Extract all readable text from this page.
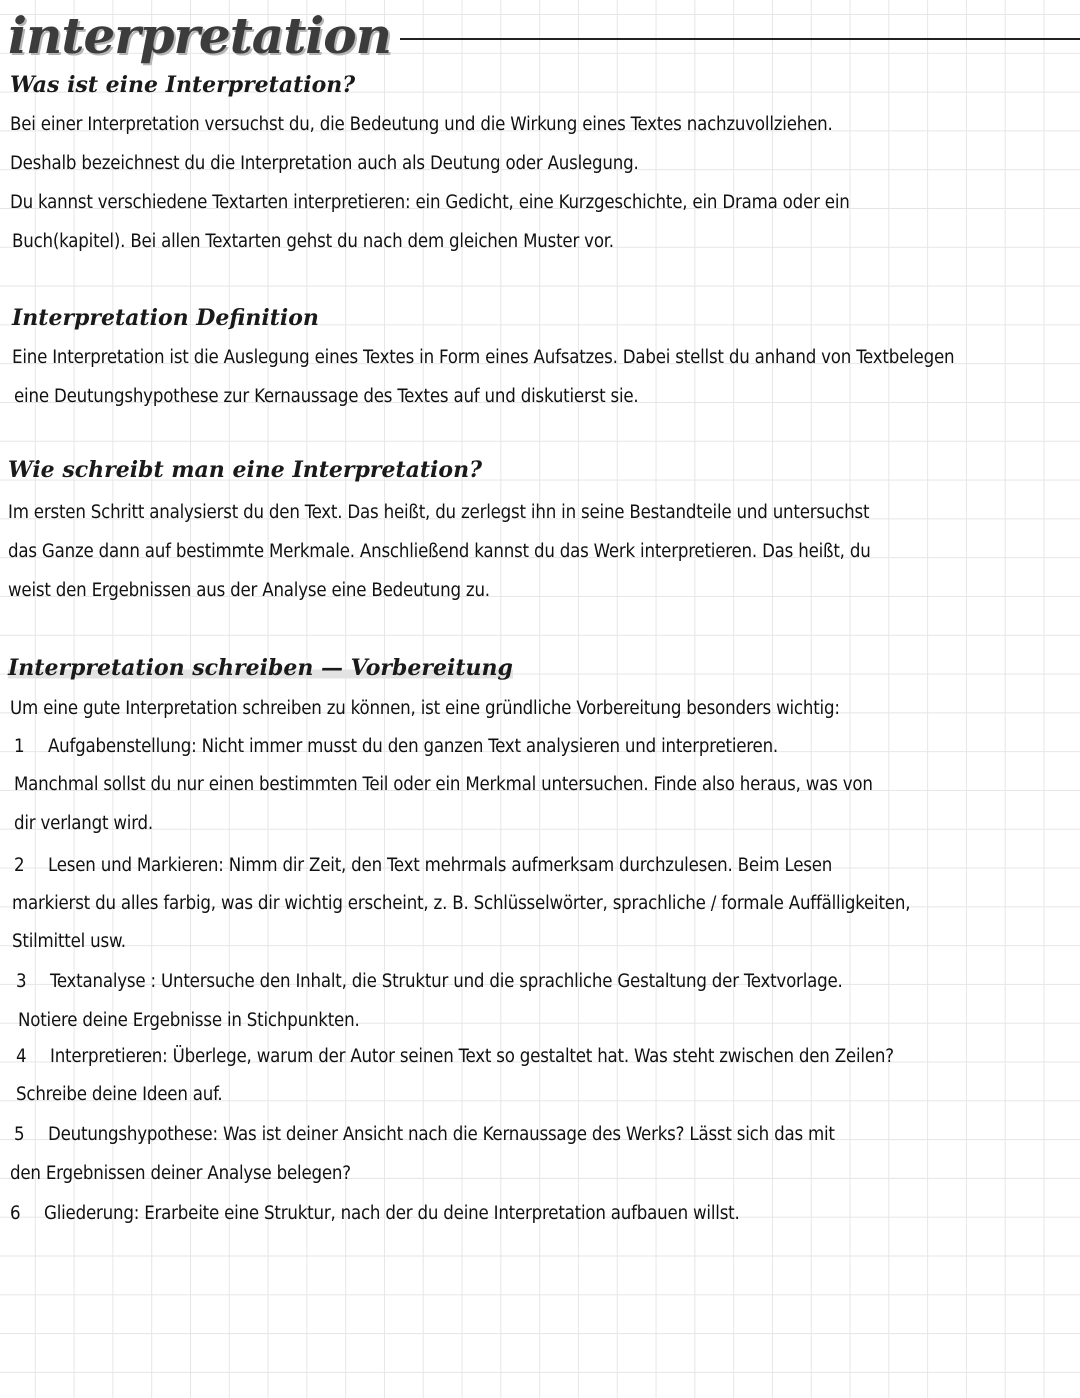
interpretation
Was ist eine Interpretation?

Bei einer Interpretation versuchst du, die Bedeutung und die Wirkung eines Textes nachzuvollziehen.

Deshalb bezeichnest du die Interpretation auch als Deutung oder Auslegung.

Du kannst verschiedene Textarten interpretieren: ein Gedicht, eine Kurzgeschichte, ein Drama oder ein

Buch(kapitel). Bei allen Textarten gehst du nach dem gleichen Muster vor.

Interpretation Definition

Eine Interpretation ist die Auslegung eines Textes in Form eines Aufsatzes. Dabei stellst du anhand von Textbelegen

eine Deutungshypothese zur Kernaussage des Textes auf und diskutierst sie.

Wie schreibt man eine Interpretation?

Im ersten Schritt analysierst du den Text. Das heißt, du zerlegst ihn in seine Bestandteile und untersuchst

das Ganze dann auf bestimmte Merkmale. Anschließend kannst du das Werk interpretieren. Das heißt, du

weist den Ergebnissen aus der Analyse eine Bedeutung zu.

Interpretation schreiben — Vorbereitung

Um eine gute Interpretation schreiben zu können, ist eine gründliche Vorbereitung besonders wichtig:

1 Aufgabenstellung: Nicht immer musst du den ganzen Text analysieren und interpretieren.

Manchmal sollst du nur einen bestimmten Teil oder ein Merkmal untersuchen. Finde also heraus, was von

dir verlangt wird.

2 Lesen und Markieren: Nimm dir Zeit, den Text mehrmals aufmerksam durchzulesen. Beim Lesen

markierst du alles farbig, was dir wichtig erscheint, z. B. Schlüsselwörter, sprachliche / formale Auffälligkeiten,

Stilmittel usw.

3 Textanalyse : Untersuche den Inhalt, die Struktur und die sprachliche Gestaltung der Textvorlage.

Notiere deine Ergebnisse in Stichpunkten.

4 Interpretieren: Überlege, warum der Autor seinen Text so gestaltet hat. Was steht zwischen den Zeilen?

Schreibe deine Ideen auf.

5 Deutungshypothese: Was ist deiner Ansicht nach die Kernaussage des Werks? Lässt sich das mit

den Ergebnissen deiner Analyse belegen?

6 Gliederung: Erarbeite eine Struktur, nach der du deine Interpretation aufbauen willst.
